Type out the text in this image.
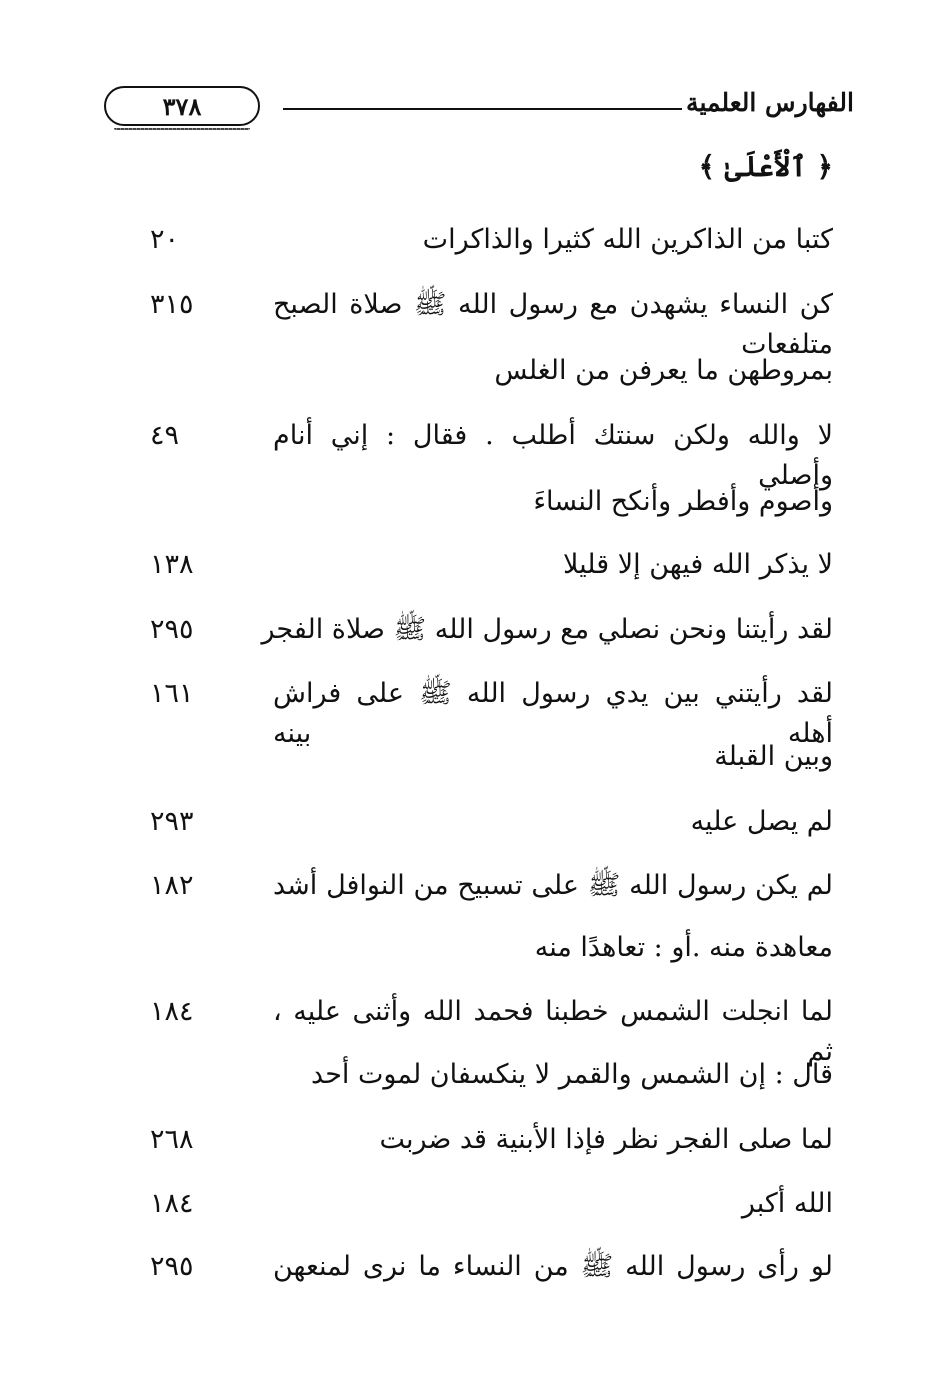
٣٧٨	الفهارس العلمية
﴿ ٱلْأَعْلَىٰ ﴾
٢٠	كتبا من الذاكرين الله كثيرا والذاكرات
٣١٥	كن النساء يشهدن مع رسول الله ﷺ صلاة الصبح متلفعات
بمروطهن ما يعرفن من الغلس
٤٩	لا والله ولكن سنتك أطلب . فقال : إني أنام وأصلي
وأصوم وأفطر وأنكح النساءَ
١٣٨	لا يذكر الله فيهن إلا قليلا
٢٩٥	لقد رأيتنا ونحن نصلي مع رسول الله ﷺ صلاة الفجر
١٦١	لقد رأيتني بين يدي رسول الله ﷺ على فراش أهله بينه
وبين القبلة
٢٩٣	لم يصل عليه
١٨٢	لم يكن رسول الله ﷺ على تسبيح من النوافل أشد
معاهدة منه .أو : تعاهدًا منه
١٨٤	لما انجلت الشمس خطبنا فحمد الله وأثنى عليه ، ثم
قال : إن الشمس والقمر لا ينكسفان لموت أحد
٢٦٨	لما صلى الفجر نظر فإذا الأبنية قد ضربت
١٨٤	الله أكبر
٢٩٥	لو رأى رسول الله ﷺ من النساء ما نرى لمنعهن
